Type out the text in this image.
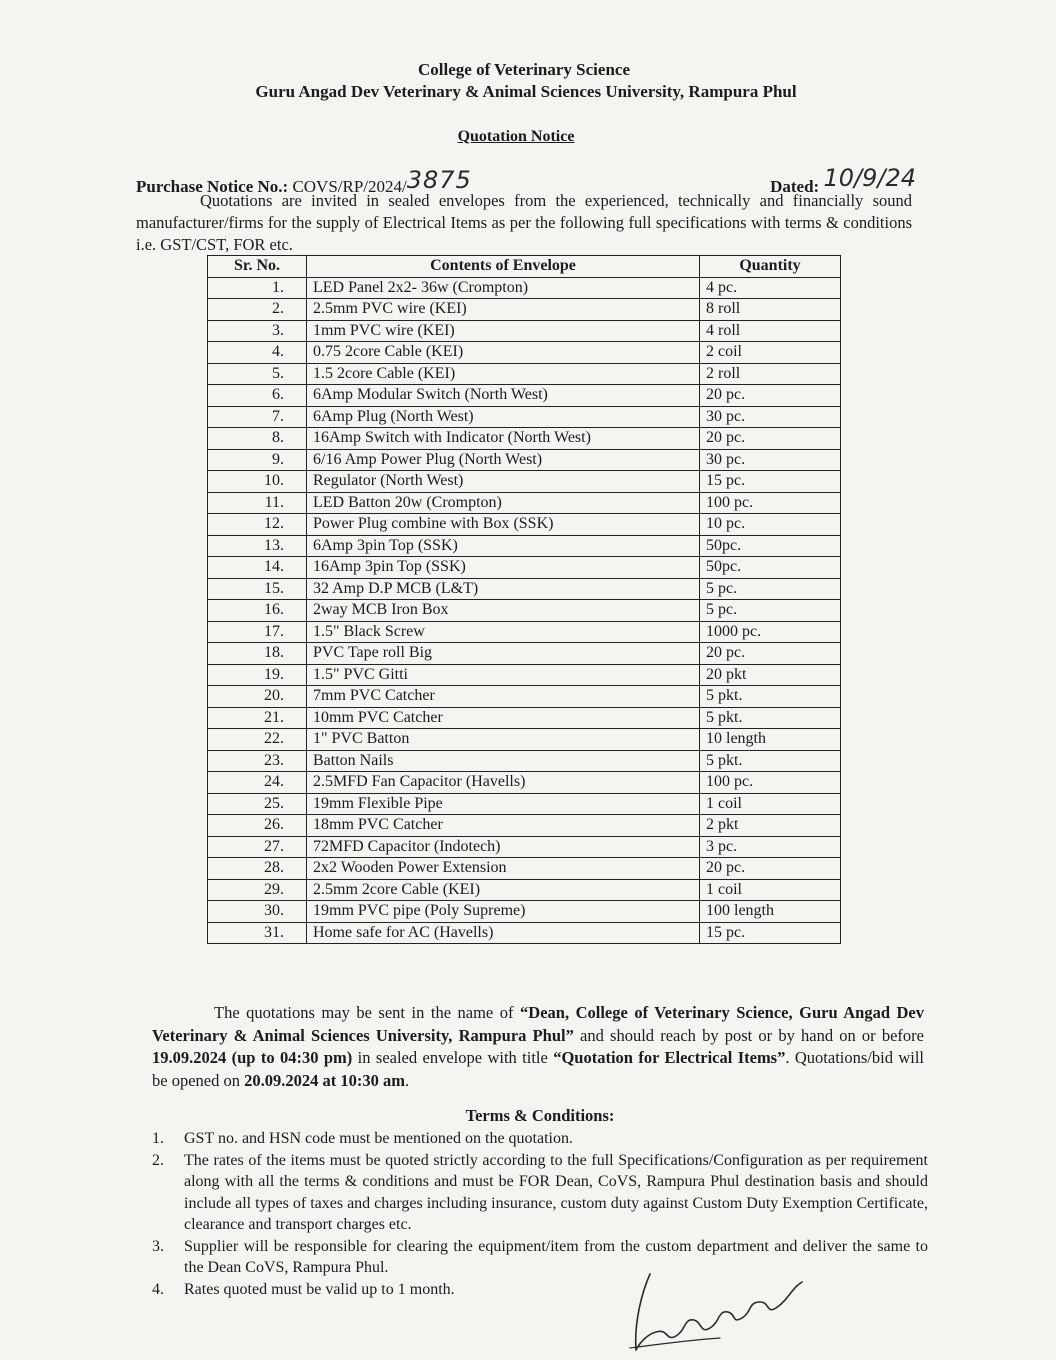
College of Veterinary Science
Guru Angad Dev Veterinary & Animal Sciences University, Rampura Phul
Quotation Notice
Purchase Notice No.: COVS/RP/2024/3875	Dated: 10/9/24

Quotations are invited in sealed envelopes from the experienced, technically and financially sound manufacturer/firms for the supply of Electrical Items as per the following full specifications with terms & conditions i.e. GST/CST, FOR etc.

Sr. No.	Contents of Envelope	Quantity
1.	LED Panel 2x2- 36w (Crompton)	4 pc.
2.	2.5mm PVC wire (KEI)	8 roll
3.	1mm PVC wire (KEI)	4 roll
4.	0.75 2core Cable (KEI)	2 coil
5.	1.5 2core Cable (KEI)	2 roll
6.	6Amp Modular Switch (North West)	20 pc.
7.	6Amp Plug (North West)	30 pc.
8.	16Amp Switch with Indicator (North West)	20 pc.
9.	6/16 Amp Power Plug (North West)	30 pc.
10.	Regulator (North West)	15 pc.
11.	LED Batton 20w (Crompton)	100 pc.
12.	Power Plug combine with Box (SSK)	10 pc.
13.	6Amp 3pin Top (SSK)	50pc.
14.	16Amp 3pin Top (SSK)	50pc.
15.	32 Amp D.P MCB (L&T)	5 pc.
16.	2way MCB Iron Box	5 pc.
17.	1.5" Black Screw	1000 pc.
18.	PVC Tape roll Big	20 pc.
19.	1.5" PVC Gitti	20 pkt
20.	7mm PVC Catcher	5 pkt.
21.	10mm PVC Catcher	5 pkt.
22.	1" PVC Batton	10 length
23.	Batton Nails	5 pkt.
24.	2.5MFD Fan Capacitor (Havells)	100 pc.
25.	19mm Flexible Pipe	1 coil
26.	18mm PVC Catcher	2 pkt
27.	72MFD Capacitor (Indotech)	3 pc.
28.	2x2 Wooden Power Extension	20 pc.
29.	2.5mm 2core Cable (KEI)	1 coil
30.	19mm PVC pipe (Poly Supreme)	100 length
31.	Home safe for AC (Havells)	15 pc.

The quotations may be sent in the name of “Dean, College of Veterinary Science, Guru Angad Dev Veterinary & Animal Sciences University, Rampura Phul” and should reach by post or by hand on or before 19.09.2024 (up to 04:30 pm) in sealed envelope with title “Quotation for Electrical Items”. Quotations/bid will be opened on 20.09.2024 at 10:30 am.

Terms & Conditions:
1.	GST no. and HSN code must be mentioned on the quotation.
2.	The rates of the items must be quoted strictly according to the full Specifications/Configuration as per requirement along with all the terms & conditions and must be FOR Dean, CoVS, Rampura Phul destination basis and should include all types of taxes and charges including insurance, custom duty against Custom Duty Exemption Certificate, clearance and transport charges etc.
3.	Supplier will be responsible for clearing the equipment/item from the custom department and deliver the same to the Dean CoVS, Rampura Phul.
4.	Rates quoted must be valid up to 1 month.
